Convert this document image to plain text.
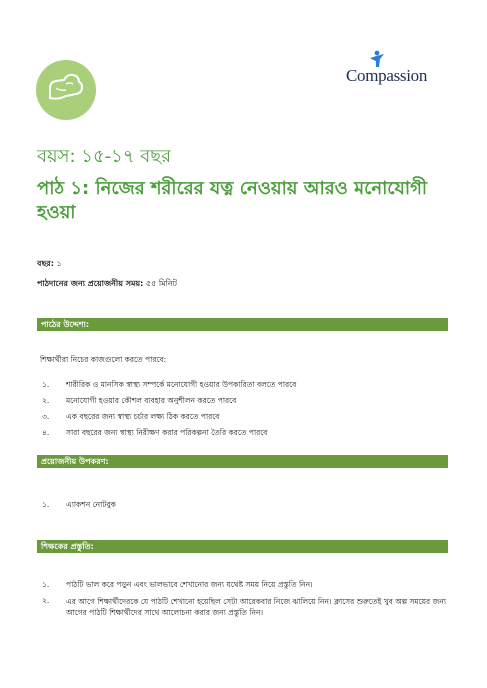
Compassion
বয়স: ১৫-১৭ বছর
পাঠ ১: নিজের শরীরের যত্ন নেওয়ায় আরও মনোযোগী হওয়া
বছর: ১
পাঠদানের জন্য প্রয়োজনীয় সময়: ৫৫ মিনিট
পাঠের উদ্দেশ্য:
শিক্ষার্থীরা নিচের কাজগুলো করতে পারবে:
১.	শারীরিক ও মানসিক স্বাস্থ্য সম্পর্কে মনোযোগী হওয়ার উপকারিতা বলতে পারবে
২.	মনোযোগী হওয়ার কৌশল ব্যবহার অনুশীলন করতে পারবে
৩.	এক বছরের জন্য স্বাস্থ্য চর্চার লক্ষ্য ঠিক করতে পারবে
৪.	সারা বছরের জন্য স্বাস্থ্য নিরীক্ষণ করার পরিকল্পনা তৈরি করতে পারবে
প্রয়োজনীয় উপকরণ:
১.	এ্যাকশন নোটবুক
শিক্ষকের প্রস্তুতি:
১.	পাঠটি ভাল করে পড়ুন এবং ভালভাবে শেখানোর জন্য যথেষ্ট সময় নিয়ে প্রস্তুতি নিন।
২.	এর আগে শিক্ষার্থীদেরকে যে পাঠটি শেখানো হয়েছিল সেটা আরেকবার নিজে ঝালিয়ে নিন। ক্লাসের শুরুতেই খুব অল্প সময়ের জন্য আগের পাঠটি শিক্ষার্থীদের সাথে আলোচনা করার জন্য প্রস্তুতি নিন।
